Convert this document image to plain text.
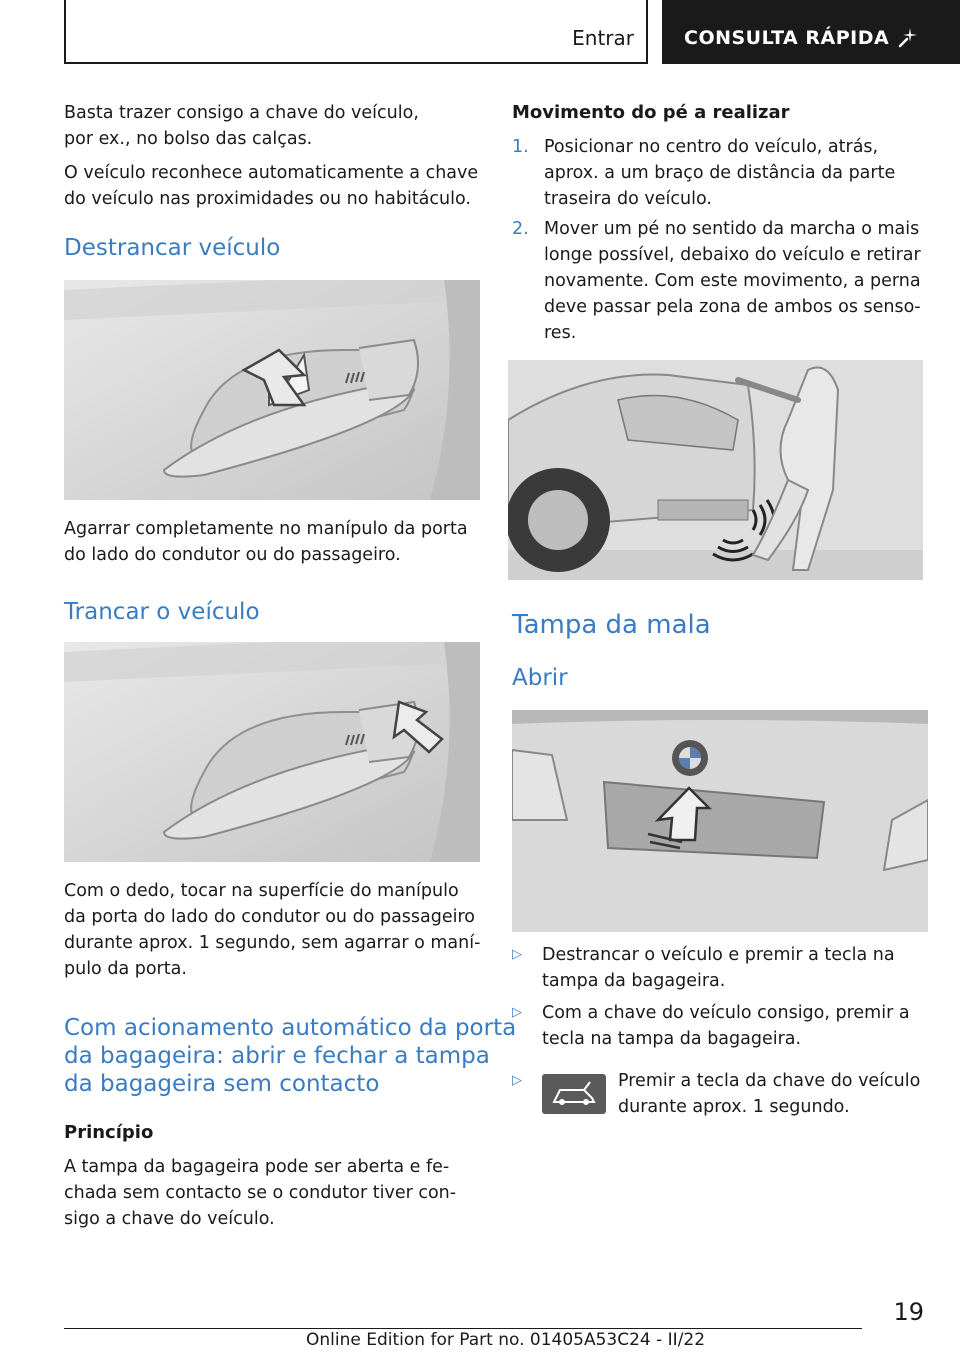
Entrar	CONSULTA RÁPIDA
Basta trazer consigo a chave do veículo,
por ex., no bolso das calças.
O veículo reconhece automaticamente a chave
do veículo nas proximidades ou no habitáculo.
Destrancar veículo
Agarrar completamente no manípulo da porta
do lado do condutor ou do passageiro.
Trancar o veículo
Com o dedo, tocar na superfície do manípulo
da porta do lado do condutor ou do passageiro
durante aprox. 1 segundo, sem agarrar o maní‐
pulo da porta.
Com acionamento automático da porta
da bagageira: abrir e fechar a tampa
da bagageira sem contacto
Princípio
A tampa da bagageira pode ser aberta e fe‐
chada sem contacto se o condutor tiver con‐
sigo a chave do veículo.
Movimento do pé a realizar
1. Posicionar no centro do veículo, atrás,
aprox. a um braço de distância da parte
traseira do veículo.
2. Mover um pé no sentido da marcha o mais
longe possível, debaixo do veículo e retirar
novamente. Com este movimento, a perna
deve passar pela zona de ambos os senso‐
res.
Tampa da mala
Abrir
▷ Destrancar o veículo e premir a tecla na
tampa da bagageira.
▷ Com a chave do veículo consigo, premir a
tecla na tampa da bagageira.
▷	Premir a tecla da chave do veículo
durante aprox. 1 segundo.
19
Online Edition for Part no. 01405A53C24 - II/22
